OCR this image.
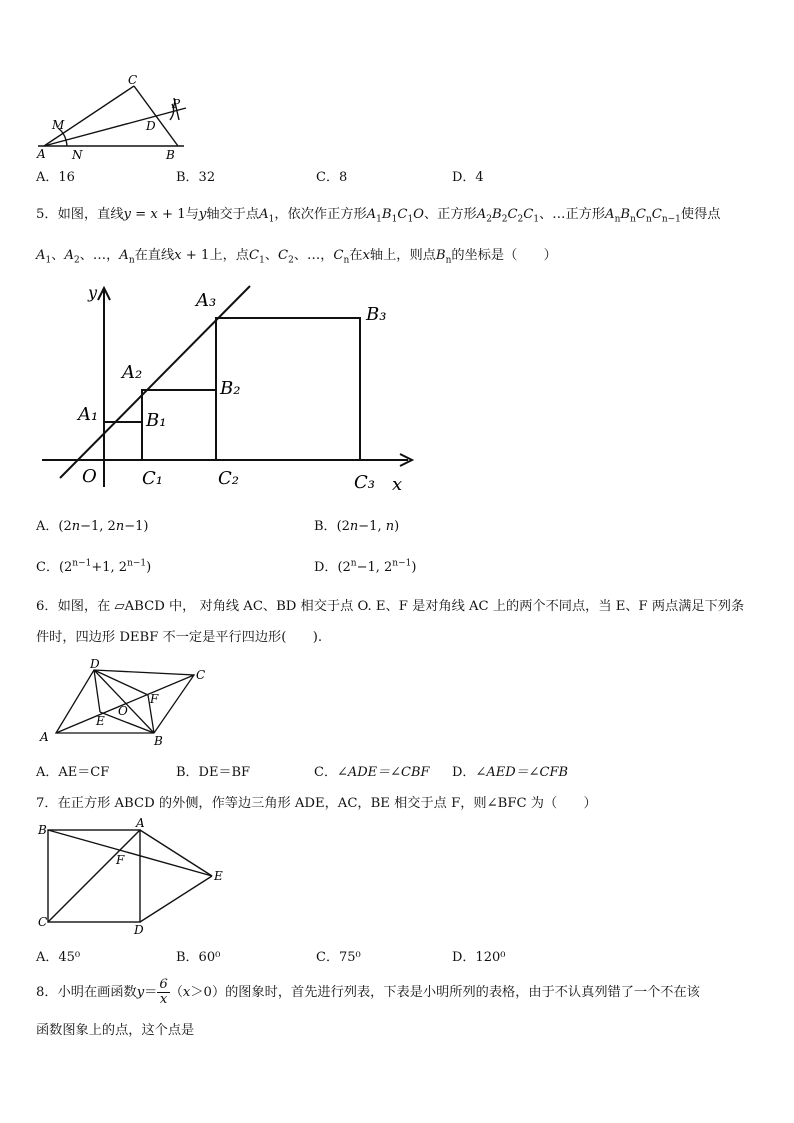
C
P
M	D
A N	B
A．16	B．32	C．8	D．4
5．如图，直线y = x + 1与y轴交于点$A_1$，依次作正方形$A_1B_1C_1O$、正方形$A_2B_2C_2C_1$、…正方形$A_nB_nC_nC_{n-1}$使得点
$A_1$、$A_2$、…，$A_n$在直线x + 1上，点$C_1$、$C_2$、…，$C_n$在x轴上，则点$B_n$的坐标是（　　）
y	A₃
B₃
A₂
B₂
A₁	B₁
O	C₁	C₂	C₃ x
A．(2n−1, 2n−1)	B．(2n−1, n)
C．($2^{n-1}+1$, $2^{n-1}$)	D．($2^n-1$, $2^{n-1}$)
6．如图，在 ▱ABCD 中， 对角线 AC、BD 相交于点 O. E、F 是对角线 AC 上的两个不同点，当 E、F 两点满足下列条
件时，四边形 DEBF 不一定是平行四边形(　　).
D
C
F
O
E
A	B
A．AE＝CF	B．DE＝BF	C．∠ADE＝∠CBF D．∠AED＝∠CFB
7．在正方形 ABCD 的外侧，作等边三角形 ADE，AC，BE 相交于点 F，则∠BFC 为（　　）
B	A
F
E
C
D
A．45⁰	B．60⁰	C．75⁰	D．120⁰
8．小明在画函数$y= \frac{6}{x} (x>0)$的图象时，首先进行列表，下表是小明所列的表格，由于不认真列错了一个不在该
函数图象上的点，这个点是
